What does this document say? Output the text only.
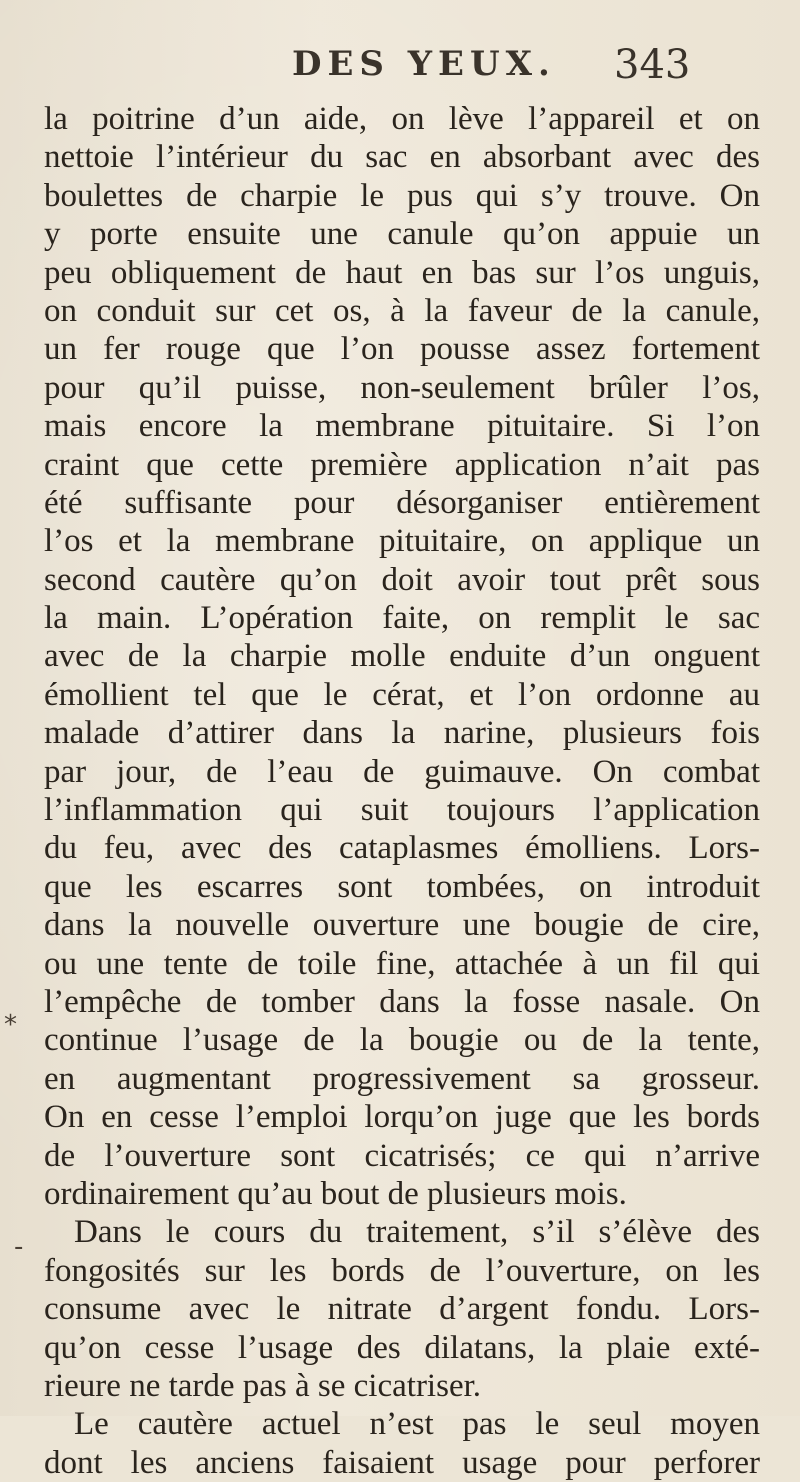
DES YEUX. 343
*
-
la poitrine d’un aide, on lève l’appareil et on
nettoie l’intérieur du sac en absorbant avec des
boulettes de charpie le pus qui s’y trouve. On
y porte ensuite une canule qu’on appuie un
peu obliquement de haut en bas sur l’os unguis,
on conduit sur cet os, à la faveur de la canule,
un fer rouge que l’on pousse assez fortement
pour qu’il puisse, non-seulement brûler l’os,
mais encore la membrane pituitaire. Si l’on
craint que cette première application n’ait pas
été suffisante pour désorganiser entièrement
l’os et la membrane pituitaire, on applique un
second cautère qu’on doit avoir tout prêt sous
la main. L’opération faite, on remplit le sac
avec de la charpie molle enduite d’un onguent
émollient tel que le cérat, et l’on ordonne au
malade d’attirer dans la narine, plusieurs fois
par jour, de l’eau de guimauve. On combat
l’inflammation qui suit toujours l’application
du feu, avec des cataplasmes émolliens. Lors-
que les escarres sont tombées, on introduit
dans la nouvelle ouverture une bougie de cire,
ou une tente de toile fine, attachée à un fil qui
l’empêche de tomber dans la fosse nasale. On
continue l’usage de la bougie ou de la tente,
en augmentant progressivement sa grosseur.
On en cesse l’emploi lorqu’on juge que les bords
de l’ouverture sont cicatrisés; ce qui n’arrive
ordinairement qu’au bout de plusieurs mois.
Dans le cours du traitement, s’il s’élève des
fongosités sur les bords de l’ouverture, on les
consume avec le nitrate d’argent fondu. Lors-
qu’on cesse l’usage des dilatans, la plaie exté-
rieure ne tarde pas à se cicatriser.
Le cautère actuel n’est pas le seul moyen
dont les anciens faisaient usage pour perforer
